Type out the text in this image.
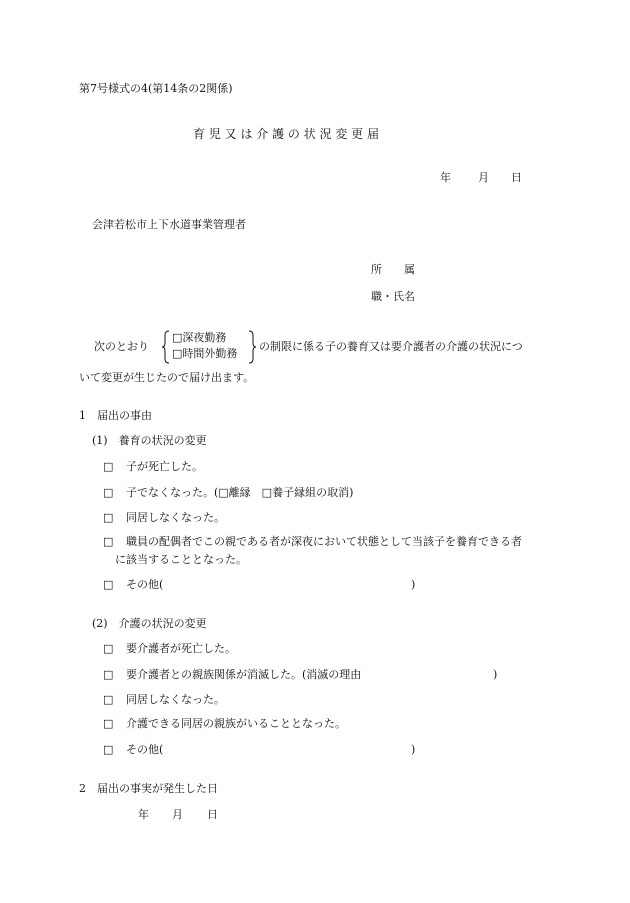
第7号様式の4(第14条の2関係)
育 児 又 は 介 護 の 状 況 変 更 届
年 月 日
会津若松市上下水道事業管理者
所　　属
職・氏名
次のとおり
□深夜勤務
□時間外勤務
の制限に係る子の養育又は要介護者の介護の状況につ
いて変更が生じたので届け出ます。
1　届出の事由
(1)　養育の状況の変更
□　 子が死亡した。
□　 子でなくなった。(□離縁　□養子縁組の取消)
□　 同居しなくなった。
□　 職員の配偶者でこの親である者が深夜において状態として当該子を養育できる者
に該当することとなった。
□　 その他(	)
(2)　介護の状況の変更
□　 要介護者が死亡した。
□　 要介護者との親族関係が消滅した。(消滅の理由	)
□　 同居しなくなった。
□　 介護できる同居の親族がいることとなった。
□　 その他(	)
2　届出の事実が発生した日
年 月 日
